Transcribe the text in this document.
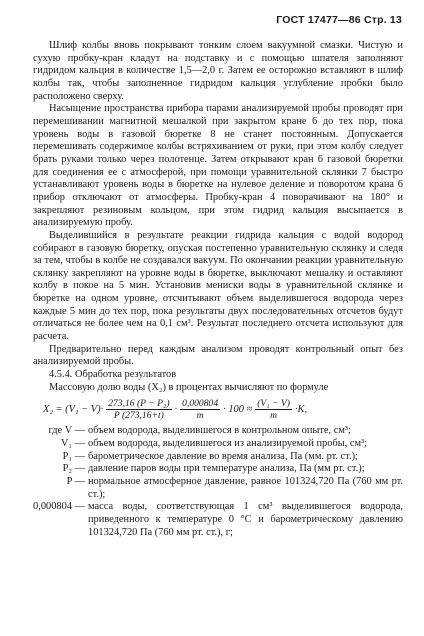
ГОСТ 17477—86 Стр. 13

Шлиф колбы вновь покрывают тонким слоем вакуумной смазки. Чистую и сухую пробку-кран кладут на подставку и с помощью шпателя заполняют гидридом кальция в количестве 1,5—2,0 г. Затем ее осторожно вставляют в шлиф колбы так, чтобы заполненное гидридом кальция углубление пробки было расположено сверху.

Насыщение пространства прибора парами анализируемой пробы проводят при перемешивании магнитной мешалкой при закрытом кране 6 до тех пор, пока уровень воды в газовой бюретке 8 не станет постоянным. Допускается перемешивать содержимое колбы встряхиванием от руки, при этом колбу следует брать руками только через полотенце. Затем открывают кран 6 газовой бюретки для соединения ее с атмосферой, при помощи уравнительной склянки 7 быстро устанавливают уровень воды в бюретке на нулевое деление и поворотом крана 6 прибор отключают от атмосферы. Пробку-кран 4 поворачивают на 180° и закрепляют резиновым кольцом, при этом гидрид кальция высыпается в анализируемую пробу.

Выделившийся в результате реакции гидрида кальция с водой водород собирают в газовую бюретку, опуская постепенно уравнительную склянку и следя за тем, чтобы в колбе не создавался вакуум. По окончании реакции уравнительную склянку закрепляют на уровне воды в бюретке, выключают мешалку и оставляют колбу в покое на 5 мин. Установив мениски воды в уравнительной склянке и бюретке на одном уровне, отсчитывают объем выделившегося водорода через каждые 5 мин до тех пор, пока результаты двух последовательных отсчетов будут отличаться не более чем на 0,1 см³. Результат последнего отсчета используют для расчета.

Предварительно перед каждым анализом проводят контрольный опыт без анализируемой пробы.

4.5.4. Обработка результатов

Массовую долю воды (X₂) в процентах вычисляют по формуле

$X_2 = (V_1 - V)\cdot \frac{\text{273,16 (P − P₂)}}{P (273,16+t)} \cdot \frac{0,000804}{m} \cdot 100 \approx \frac{\text{(V₁ − V)}}{m} \cdot K$,
где V — объем водорода, выделившегося в контрольном опыте, см³;
V₁ — объем водорода, выделившегося из анализируемой пробы, см³;
P₁ — барометрическое давление во время анализа, Па (мм. рт. ст.);
P₂ — давление паров воды при температуре анализа, Па (мм рт. ст.);
P — нормальное атмосферное давление, равное 101324,720 Па (760 мм рт. ст.);
0,000804 — масса воды, соответствующая 1 см³ выделившегося водорода, приведенного к температуре 0 °С и барометрическому давлению 101324,720 Па (760 мм рт. ст.), г;
